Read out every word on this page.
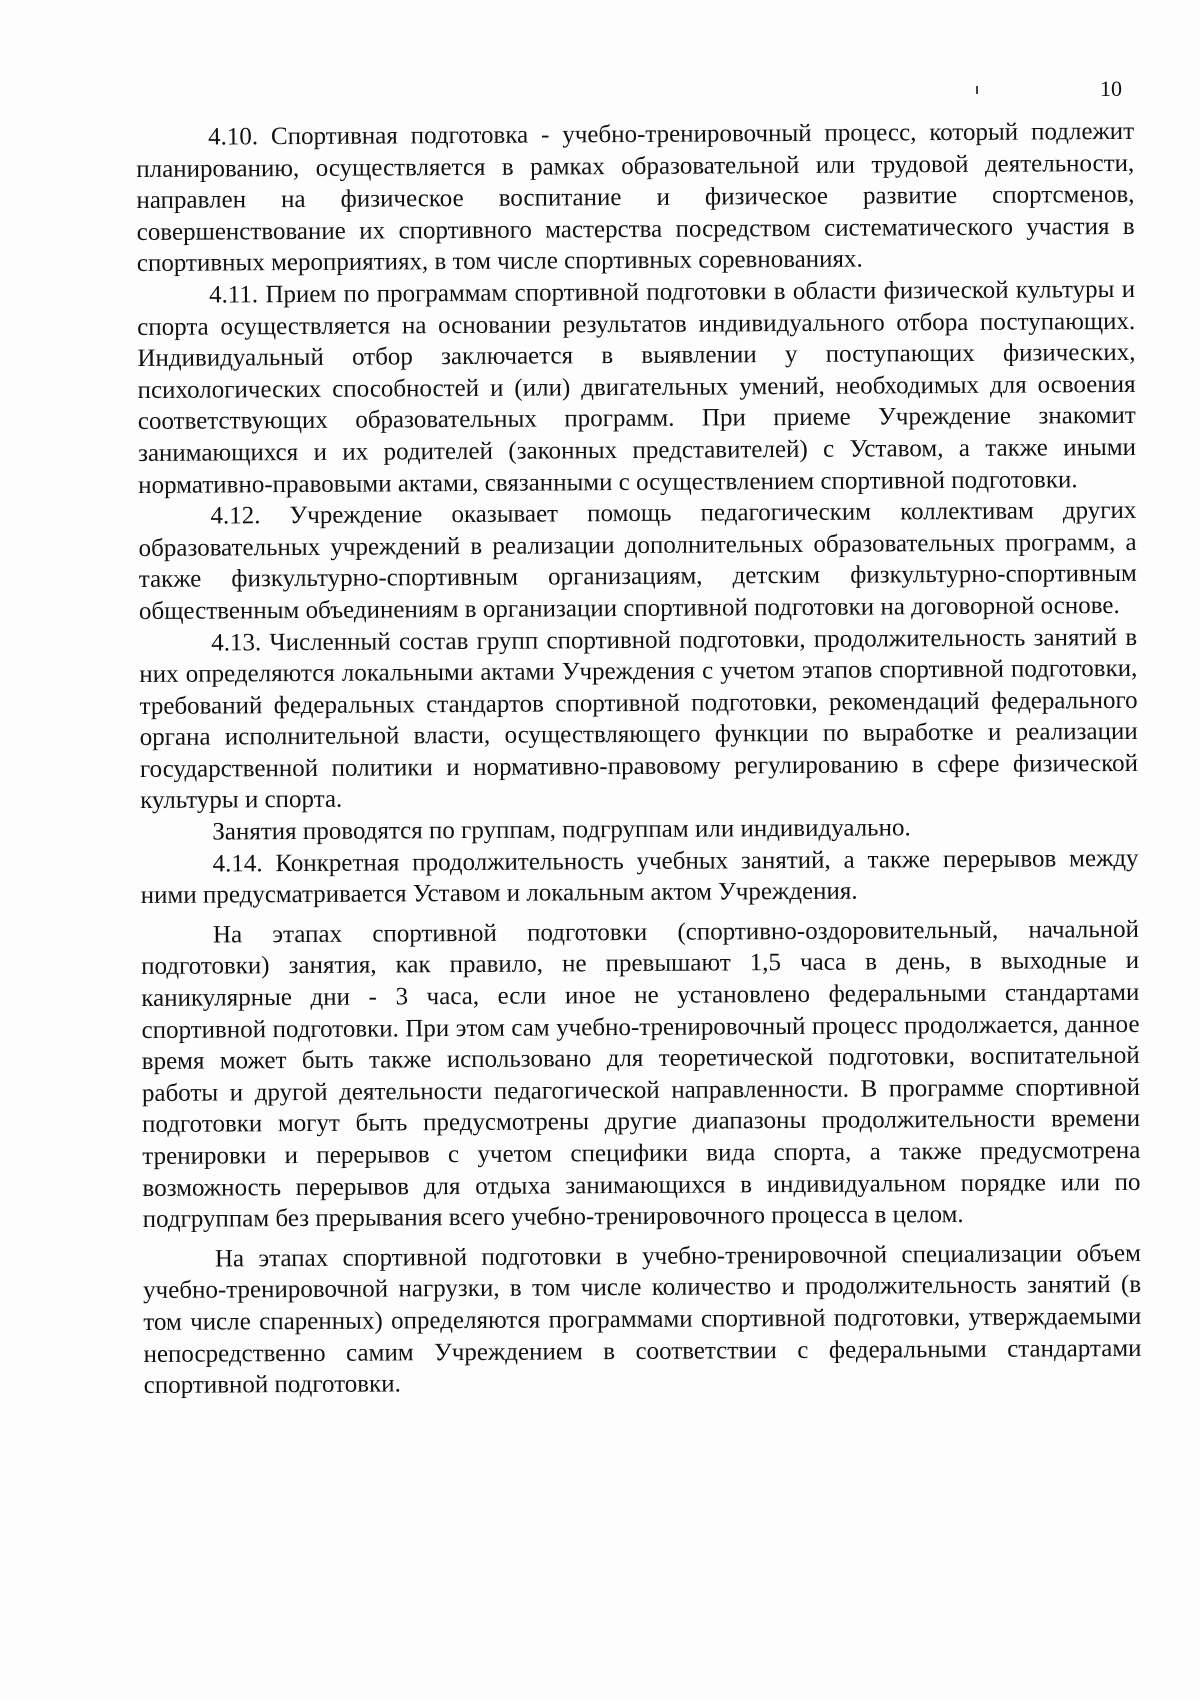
10

4.10. Спортивная подготовка - учебно-тренировочный процесс, который подлежит планированию, осуществляется в рамках образовательной или трудовой деятельности, направлен на физическое воспитание и физическое развитие спортсменов, совершенствование их спортивного мастерства посредством систематического участия в спортивных мероприятиях, в том числе спортивных соревнованиях.

4.11. Прием по программам спортивной подготовки в области физической культуры и спорта осуществляется на основании результатов индивидуального отбора поступающих. Индивидуальный отбор заключается в выявлении у поступающих физических, психологических способностей и (или) двигательных умений, необходимых для освоения соответствующих образовательных программ. При приеме Учреждение знакомит занимающихся и их родителей (законных представителей) с Уставом, а также иными нормативно-правовыми актами, связанными с осуществлением спортивной подготовки.

4.12. Учреждение оказывает помощь педагогическим коллективам других образовательных учреждений в реализации дополнительных образовательных программ, а также физкультурно-спортивным организациям, детским физкультурно-спортивным общественным объединениям в организации спортивной подготовки на договорной основе.

4.13. Численный состав групп спортивной подготовки, продолжительность занятий в них определяются локальными актами Учреждения с учетом этапов спортивной подготовки, требований федеральных стандартов спортивной подготовки, рекомендаций федерального органа исполнительной власти, осуществляющего функции по выработке и реализации государственной политики и нормативно-правовому регулированию в сфере физической культуры и спорта.

Занятия проводятся по группам, подгруппам или индивидуально.

4.14. Конкретная продолжительность учебных занятий, а также перерывов между ними предусматривается Уставом и локальным актом Учреждения.

На этапах спортивной подготовки (спортивно-оздоровительный, начальной подготовки) занятия, как правило, не превышают 1,5 часа в день, в выходные и каникулярные дни - 3 часа, если иное не установлено федеральными стандартами спортивной подготовки. При этом сам учебно-тренировочный процесс продолжается, данное время может быть также использовано для теоретической подготовки, воспитательной работы и другой деятельности педагогической направленности. В программе спортивной подготовки могут быть предусмотрены другие диапазоны продолжительности времени тренировки и перерывов с учетом специфики вида спорта, а также предусмотрена возможность перерывов для отдыха занимающихся в индивидуальном порядке или по подгруппам без прерывания всего учебно-тренировочного процесса в целом.

На этапах спортивной подготовки в учебно-тренировочной специализации объем учебно-тренировочной нагрузки, в том числе количество и продолжительность занятий (в том числе спаренных) определяются программами спортивной подготовки, утверждаемыми непосредственно самим Учреждением в соответствии с федеральными стандартами спортивной подготовки.
